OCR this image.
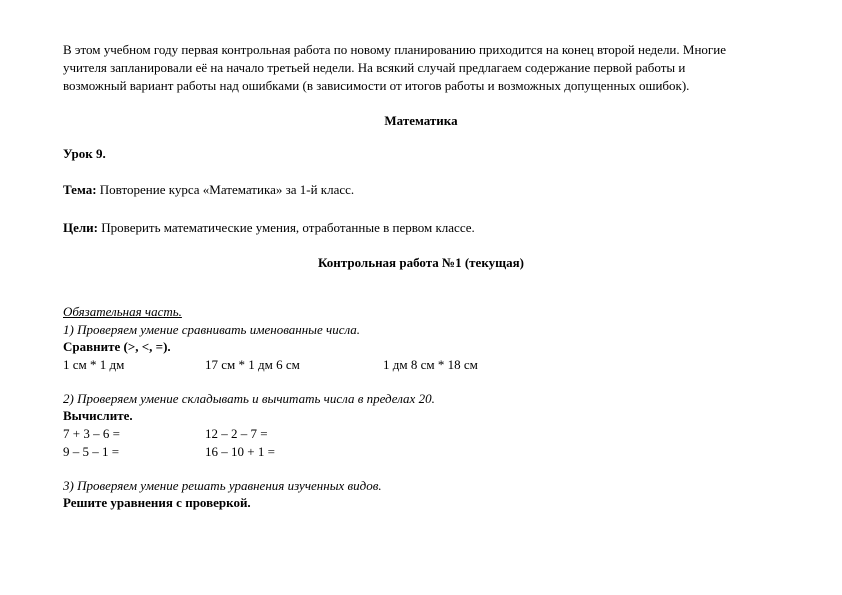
В этом учебном году первая контрольная работа по новому планированию приходится на конец второй недели. Многие
учителя запланировали её на начало третьей недели. На всякий случай предлагаем содержание первой работы и
возможный вариант работы над ошибками (в зависимости от итогов работы и возможных допущенных ошибок).
Математика
Урок 9.
Тема: Повторение курса «Математика» за 1-й класс.
Цели: Проверить математические умения, отработанные в первом классе.
Контрольная работа №1 (текущая)
Обязательная часть.
1) Проверяем умение сравнивать именованные числа.
Сравните (>, <, =).
1 см * 1 дм	17 см * 1 дм 6 см	1 дм 8 см * 18 см
2) Проверяем умение складывать и вычитать числа в пределах 20.
Вычислите.
7 + 3 – 6 =	12 – 2 – 7 =
9 – 5 – 1 =	16 – 10 + 1 =
3) Проверяем умение решать уравнения изученных видов.
Решите уравнения с проверкой.
